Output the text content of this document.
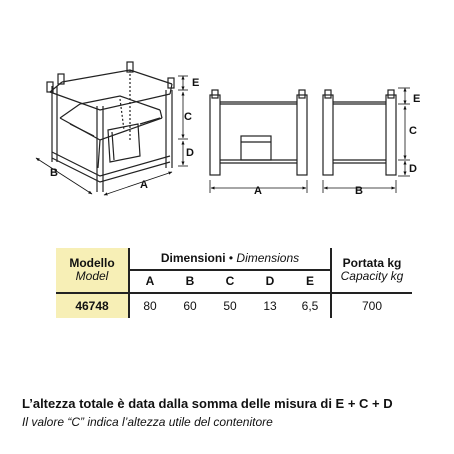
E
C
D
A
B
A
E
C
D
B
Modello
Model	Dimensioni • Dimensions					Portata kg
Capacity kg
	A	B	C	D	E	
46748	80	60	50	13	6,5	700
L’altezza totale è data dalla somma delle misura di E + C + D
Il valore “C” indica l’altezza utile del contenitore
